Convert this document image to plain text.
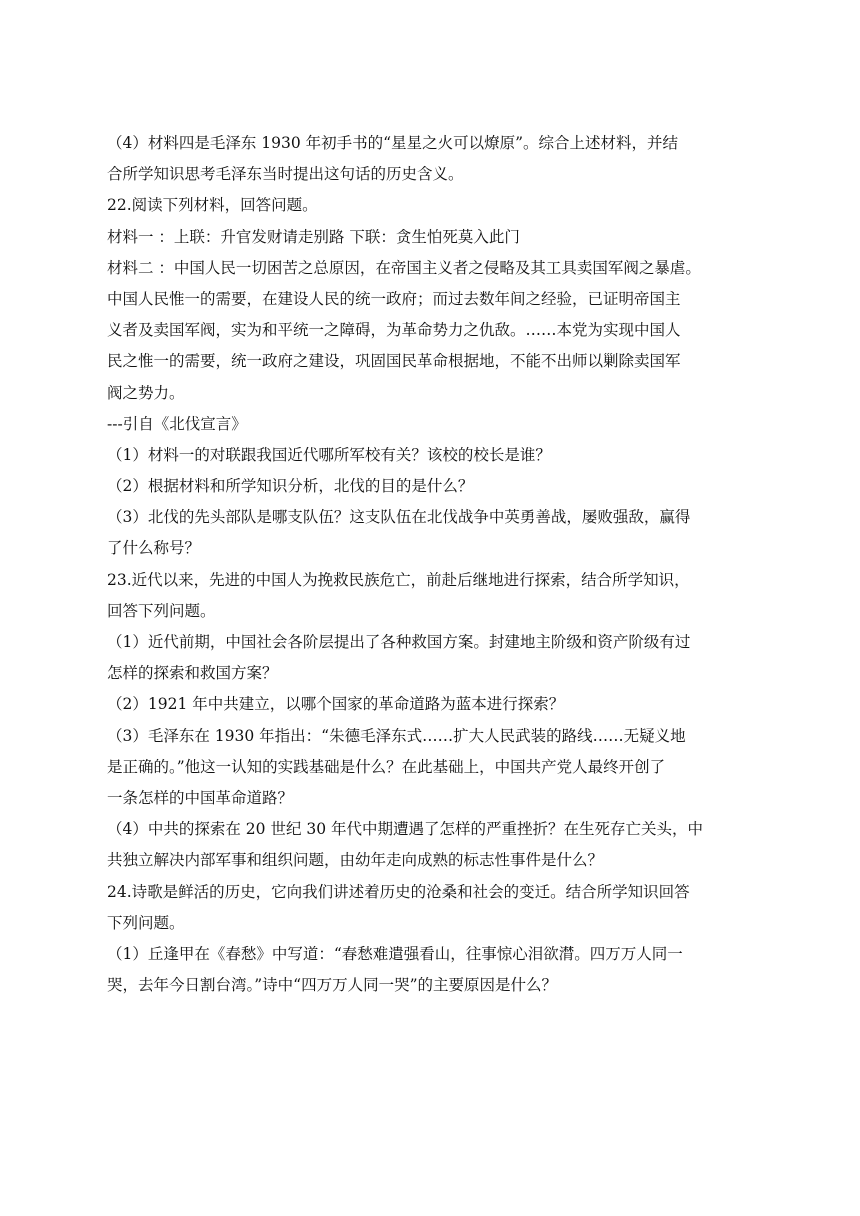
（4）材料四是毛泽东 1930 年初手书的“星星之火可以燎原”。综合上述材料，并结
合所学知识思考毛泽东当时提出这句话的历史含义。
22.阅读下列材料，回答问题。
材料一 ：上联：升官发财请走别路 下联：贪生怕死莫入此门
材料二 ：中国人民一切困苦之总原因，在帝国主义者之侵略及其工具卖国军阀之暴虐。
中国人民惟一的需要，在建设人民的统一政府；而过去数年间之经验，已证明帝国主
义者及卖国军阀，实为和平统一之障碍，为革命势力之仇敌。……本党为实现中国人
民之惟一的需要，统一政府之建设，巩固国民革命根据地，不能不出师以剿除卖国军
阀之势力。
---引自《北伐宣言》
（1）材料一的对联跟我国近代哪所军校有关？该校的校长是谁？
（2）根据材料和所学知识分析，北伐的目的是什么？
（3）北伐的先头部队是哪支队伍？这支队伍在北伐战争中英勇善战，屡败强敌，赢得
了什么称号？
23.近代以来，先进的中国人为挽救民族危亡，前赴后继地进行探索，结合所学知识，
回答下列问题。
（1）近代前期，中国社会各阶层提出了各种救国方案。封建地主阶级和资产阶级有过
怎样的探索和救国方案？
（2）1921 年中共建立，以哪个国家的革命道路为蓝本进行探索？
（3）毛泽东在 1930 年指出：“朱德毛泽东式……扩大人民武装的路线……无疑义地
是正确的。”他这一认知的实践基础是什么？在此基础上，中国共产党人最终开创了
一条怎样的中国革命道路？
（4）中共的探索在 20 世纪 30 年代中期遭遇了怎样的严重挫折？在生死存亡关头，中
共独立解决内部军事和组织问题，由幼年走向成熟的标志性事件是什么？
24.诗歌是鲜活的历史，它向我们讲述着历史的沧桑和社会的变迁。结合所学知识回答
下列问题。
（1）丘逢甲在《春愁》中写道：“春愁难遣强看山，往事惊心泪欲潸。四万万人同一
哭，去年今日割台湾。”诗中“四万万人同一哭”的主要原因是什么？
